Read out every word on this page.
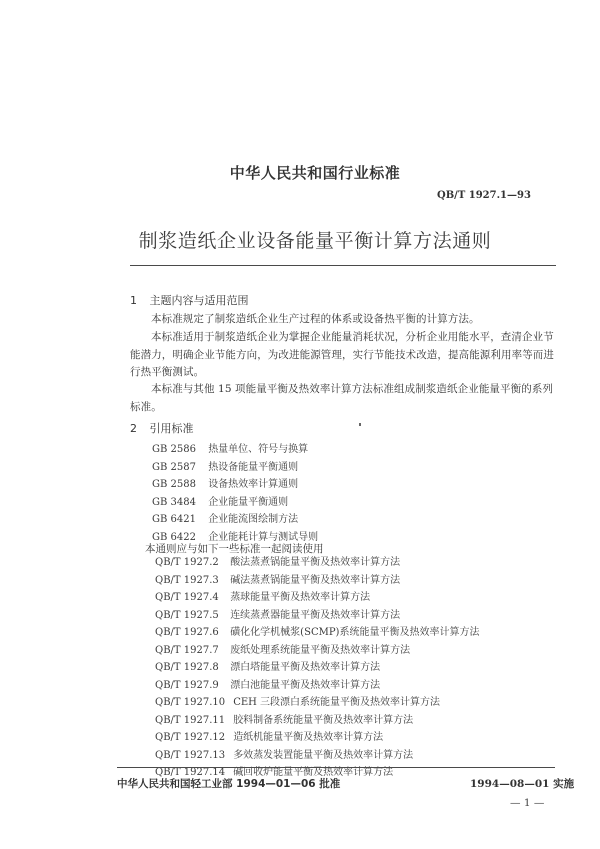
中华人民共和国行业标准
QB/T 1927.1—93
制浆造纸企业设备能量平衡计算方法通则
1 主题内容与适用范围
本标准规定了制浆造纸企业生产过程的体系或设备热平衡的计算方法。
本标准适用于制浆造纸企业为掌握企业能量消耗状况，分析企业用能水平，查清企业节能潜力，明确企业节能方向，为改进能源管理，实行节能技术改造，提高能源利用率等而进行热平衡测试。
本标准与其他 15 项能量平衡及热效率计算方法标准组成制浆造纸企业能量平衡的系列标准。
2 引用标准
GB 2586 热量单位、符号与换算
GB 2587 热设备能量平衡通则
GB 2588 设备热效率计算通则
GB 3484 企业能量平衡通则
GB 6421 企业能流图绘制方法
GB 6422 企业能耗计算与测试导则
本通则应与如下一些标准一起阅读使用
QB/T 1927.2 酸法蒸煮锅能量平衡及热效率计算方法
QB/T 1927.3 碱法蒸煮锅能量平衡及热效率计算方法
QB/T 1927.4 蒸球能量平衡及热效率计算方法
QB/T 1927.5 连续蒸煮器能量平衡及热效率计算方法
QB/T 1927.6 磺化化学机械浆(SCMP)系统能量平衡及热效率计算方法
QB/T 1927.7 废纸处理系统能量平衡及热效率计算方法
QB/T 1927.8 漂白塔能量平衡及热效率计算方法
QB/T 1927.9 漂白池能量平衡及热效率计算方法
QB/T 1927.10 CEH 三段漂白系统能量平衡及热效率计算方法
QB/T 1927.11 胶料制备系统能量平衡及热效率计算方法
QB/T 1927.12 造纸机能量平衡及热效率计算方法
QB/T 1927.13 多效蒸发装置能量平衡及热效率计算方法
QB/T 1927.14 碱回收炉能量平衡及热效率计算方法
中华人民共和国轻工业部 1994—01—06 批准	1994—08—01 实施
— 1 —
